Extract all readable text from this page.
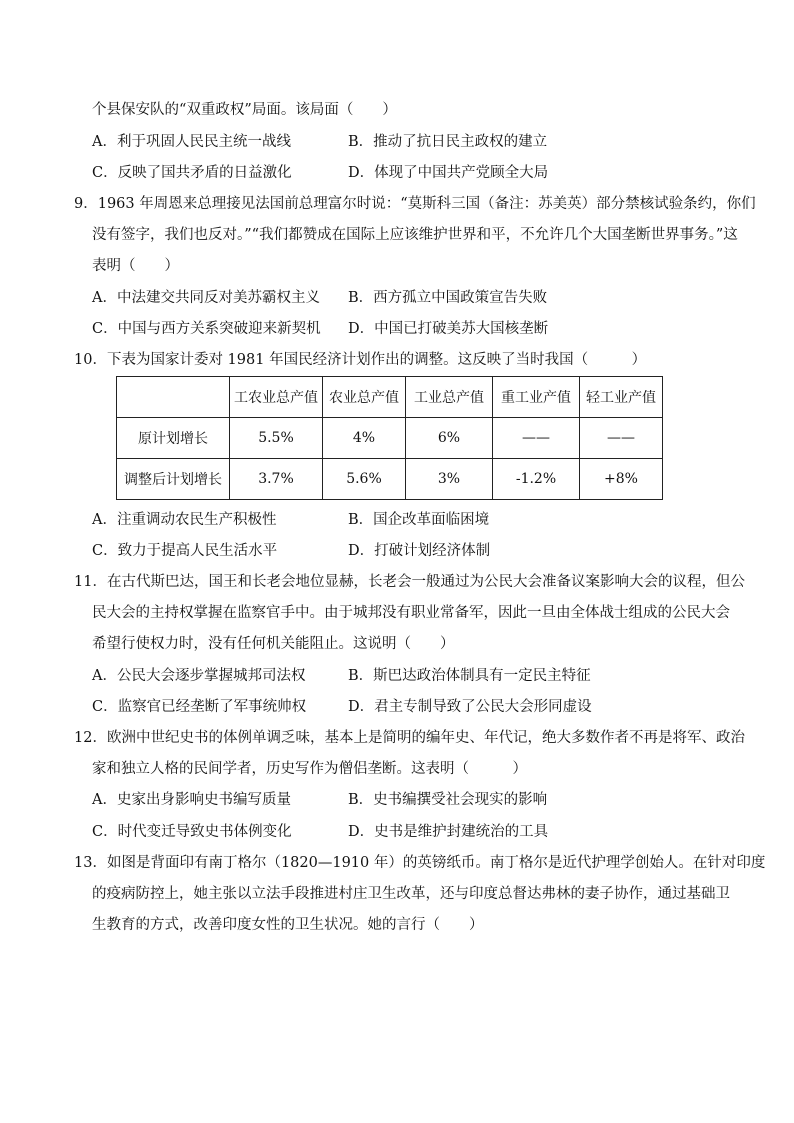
个县保安队的“双重政权”局面。该局面（　　）
A．利于巩固人民民主统一战线	B．推动了抗日民主政权的建立
C．反映了国共矛盾的日益激化	D．体现了中国共产党顾全大局
9．1963 年周恩来总理接见法国前总理富尔时说：“莫斯科三国（备注：苏美英）部分禁核试验条约，你们
没有签字，我们也反对。”“我们都赞成在国际上应该维护世界和平，不允许几个大国垄断世界事务。”这
表明（　　）
A．中法建交共同反对美苏霸权主义 B．西方孤立中国政策宣告失败
C．中国与西方关系突破迎来新契机 D．中国已打破美苏大国核垄断
10．下表为国家计委对 1981 年国民经济计划作出的调整。这反映了当时我国（　　　）
	工农业总产值	农业总产值	工业总产值	重工业产值	轻工业产值
原计划增长	5.5%	4%	6%	——	——
调整后计划增长	3.7%	5.6%	3%	-1.2%	+8%
A．注重调动农民生产积极性	B．国企改革面临困境
C．致力于提高人民生活水平	D．打破计划经济体制
11．在古代斯巴达，国王和长老会地位显赫，长老会一般通过为公民大会准备议案影响大会的议程，但公
民大会的主持权掌握在监察官手中。由于城邦没有职业常备军，因此一旦由全体战士组成的公民大会
希望行使权力时，没有任何机关能阻止。这说明（　　）
A．公民大会逐步掌握城邦司法权	B．斯巴达政治体制具有一定民主特征
C．监察官已经垄断了军事统帅权	D．君主专制导致了公民大会形同虚设
12．欧洲中世纪史书的体例单调乏味，基本上是简明的编年史、年代记，绝大多数作者不再是将军、政治
家和独立人格的民间学者，历史写作为僧侣垄断。这表明（　　　）
A．史家出身影响史书编写质量	B．史书编撰受社会现实的影响
C．时代变迁导致史书体例变化	D．史书是维护封建统治的工具
13．如图是背面印有南丁格尔（1820—1910 年）的英镑纸币。南丁格尔是近代护理学创始人。在针对印度
的疫病防控上，她主张以立法手段推进村庄卫生改革，还与印度总督达弗林的妻子协作，通过基础卫
生教育的方式，改善印度女性的卫生状况。她的言行（　　）
